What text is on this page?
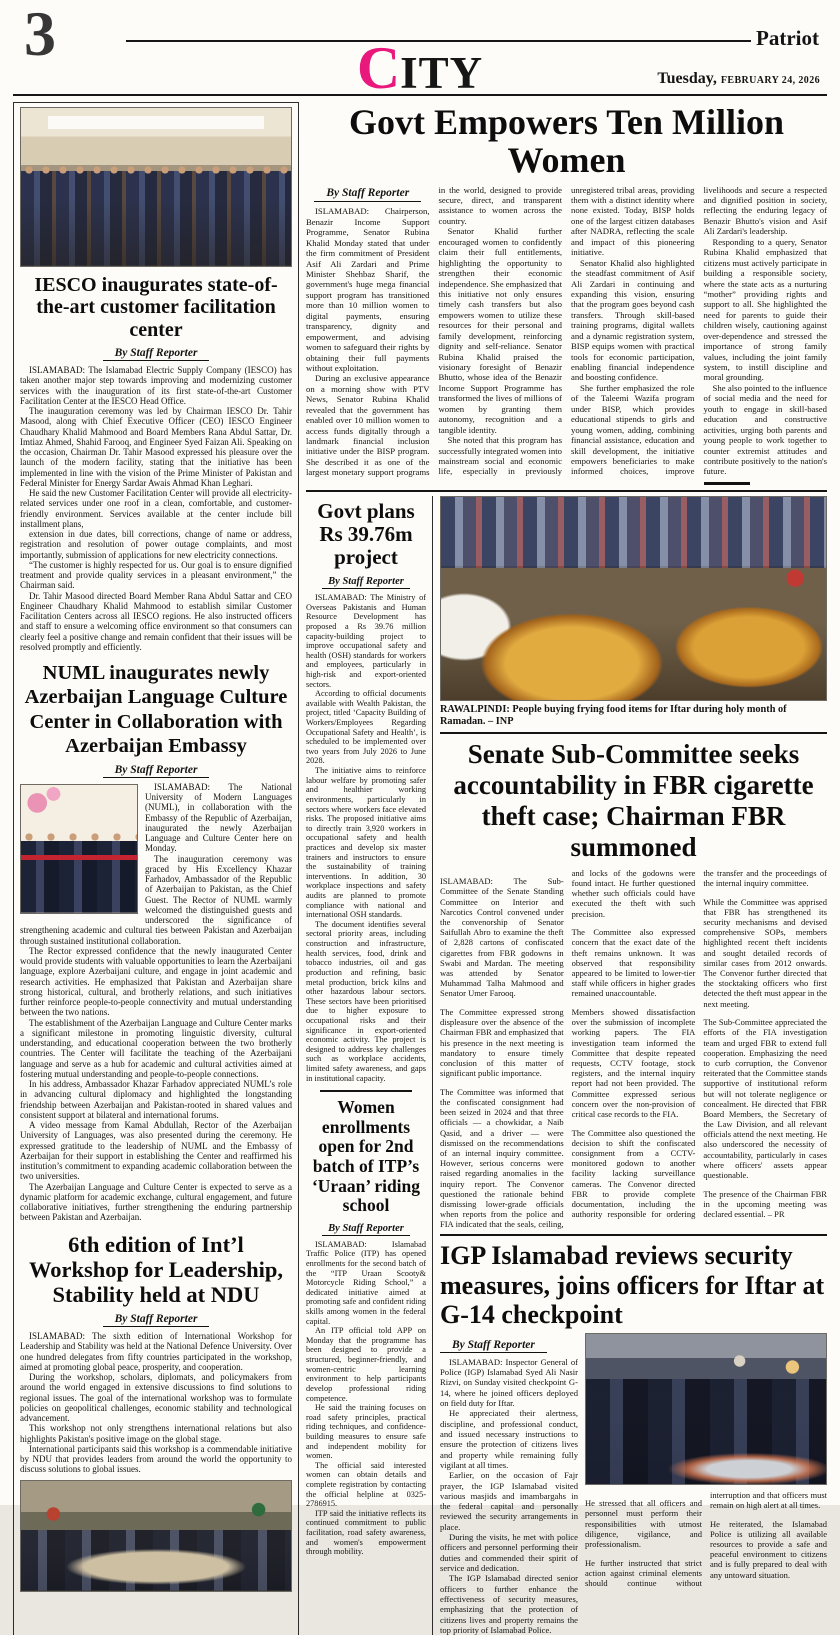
3	CITY
Patriot
Tuesday, FEBRUARY 24, 2026
IESCO inaugurates state-of-the-art customer facilitation center
By Staff Reporter

ISLAMABAD: The Islamabad Electric Supply Company (IESCO) has taken another major step towards improving and modernizing customer services with the inauguration of its first state-of-the-art Customer Facilitation Center at the IESCO Head Office.

The inauguration ceremony was led by Chairman IESCO Dr. Tahir Masood, along with Chief Executive Officer (CEO) IESCO Engineer Chaudhary Khalid Mahmood and Board Members Rana Abdul Sattar, Dr. Imtiaz Ahmed, Shahid Farooq, and Engineer Syed Faizan Ali. Speaking on the occasion, Chairman Dr. Tahir Masood expressed his pleasure over the launch of the modern facility, stating that the initiative has been implemented in line with the vision of the Prime Minister of Pakistan and Federal Minister for Energy Sardar Awais Ahmad Khan Leghari.

He said the new Customer Facilitation Center will provide all electricity-related services under one roof in a clean, comfortable, and customer-friendly environment. Services available at the center include bill installment plans,

extension in due dates, bill corrections, change of name or address, registration and resolution of power outage complaints, and most importantly, submission of applications for new electricity connections.

“The customer is highly respected for us. Our goal is to ensure dignified treatment and provide quality services in a pleasant environment,” the Chairman said.

Dr. Tahir Masood directed Board Member Rana Abdul Sattar and CEO Engineer Chaudhary Khalid Mahmood to establish similar Customer Facilitation Centers across all IESCO regions. He also instructed officers and staff to ensure a welcoming office environment so that consumers can clearly feel a positive change and remain confident that their issues will be resolved promptly and efficiently.

NUML inaugurates newly Azerbaijan Language Culture Center in Collaboration with Azerbaijan Embassy
By Staff Reporter

ISLAMABAD: The National University of Modern Languages (NUML), in collaboration with the Embassy of the Republic of Azerbaijan, inaugurated the newly Azerbaijan Language and Culture Center here on Monday.

The inauguration ceremony was graced by His Excellency Khazar Farhadov, Ambassador of the Republic of Azerbaijan to Pakistan, as the Chief Guest. The Rector of NUML warmly welcomed the distinguished guests and underscored the significance of strengthening academic and cultural ties between Pakistan and Azerbaijan through sustained institutional collaboration.

The Rector expressed confidence that the newly inaugurated Center would provide students with valuable opportunities to learn the Azerbaijani language, explore Azerbaijani culture, and engage in joint academic and research activities. He emphasized that Pakistan and Azerbaijan share strong historical, cultural, and brotherly relations, and such initiatives further reinforce people-to-people connectivity and mutual understanding between the two nations.

The establishment of the Azerbaijan Language and Culture Center marks a significant milestone in promoting linguistic diversity, cultural understanding, and educational cooperation between the two brotherly countries. The Center will facilitate the teaching of the Azerbaijani language and serve as a hub for academic and cultural activities aimed at fostering mutual understanding and people-to-people connections.

In his address, Ambassador Khazar Farhadov appreciated NUML’s role in advancing cultural diplomacy and highlighted the longstanding friendship between Azerbaijan and Pakistan-rooted in shared values and consistent support at bilateral and international forums.

A video message from Kamal Abdullah, Rector of the Azerbaijan University of Languages, was also presented during the ceremony. He expressed gratitude to the leadership of NUML and the Embassy of Azerbaijan for their support in establishing the Center and reaffirmed his institution’s commitment to expanding academic collaboration between the two universities.

The Azerbaijan Language and Culture Center is expected to serve as a dynamic platform for academic exchange, cultural engagement, and future collaborative initiatives, further strengthening the enduring partnership between Pakistan and Azerbaijan.

6th edition of Int’l Workshop for Leadership, Stability held at NDU
By Staff Reporter

ISLAMABAD: The sixth edition of International Workshop for Leadership and Stability was held at the National Defence University. Over one hundred delegates from fifty countries participated in the workshop, aimed at promoting global peace, prosperity, and cooperation.

During the workshop, scholars, diplomats, and policymakers from around the world engaged in extensive discussions to find solutions to regional issues. The goal of the international workshop was to formulate policies on geopolitical challenges, economic stability and technological advancement.

This workshop not only strengthens international relations but also highlights Pakistan's positive image on the global stage.

International participants said this workshop is a commendable initiative by NDU that provides leaders from around the world the opportunity to discuss solutions to global issues.

Govt Empowers Ten Million Women
By Staff Reporter

ISLAMABAD: Chairperson, Benazir Income Support Programme, Senator Rubina Khalid Monday stated that under the firm commitment of President Asif Ali Zardari and Prime Minister Shehbaz Sharif, the government's huge mega financial support program has transitioned more than 10 million women to digital payments, ensuring transparency, dignity and empowerment, and advising women to safeguard their rights by obtaining their full payments without exploitation.

During an exclusive appearance on a morning show with PTV News, Senator Rubina Khalid revealed that the government has enabled over 10 million women to access funds digitally through a landmark financial inclusion initiative under the BISP program. She described it as one of the largest monetary support programs in the world, designed to provide secure, direct, and transparent assistance to women across the country.

Senator Khalid further encouraged women to confidently claim their full entitlements, highlighting the opportunity to strengthen their economic independence. She emphasized that this initiative not only ensures timely cash transfers but also empowers women to utilize these resources for their personal and family development, reinforcing dignity and self-reliance. Senator Rubina Khalid praised the visionary foresight of Benazir Bhutto, whose idea of the Benazir Income Support Programme has transformed the lives of millions of women by granting them autonomy, recognition and a tangible identity.

She noted that this program has successfully integrated women into mainstream social and economic life, especially in previously unregistered tribal areas, providing them with a distinct identity where none existed. Today, BISP holds one of the largest citizen databases after NADRA, reflecting the scale and impact of this pioneering initiative.

Senator Khalid also highlighted the steadfast commitment of Asif Ali Zardari in continuing and expanding this vision, ensuring that the program goes beyond cash transfers. Through skill-based training programs, digital wallets and a dynamic registration system, BISP equips women with practical tools for economic participation, enabling financial independence and boosting confidence.

She further emphasized the role of the Taleemi Wazifa program under BISP, which provides educational stipends to girls and young women, adding, combining financial assistance, education and skill development, the initiative empowers beneficiaries to make informed choices, improve livelihoods and secure a respected and dignified position in society, reflecting the enduring legacy of Benazir Bhutto's vision and Asif Ali Zardari's leadership.

Responding to a query, Senator Rubina Khalid emphasized that citizens must actively participate in building a responsible society, where the state acts as a nurturing “mother” providing rights and support to all. She highlighted the need for parents to guide their children wisely, cautioning against over-dependence and stressed the importance of strong family values, including the joint family system, to instill discipline and moral grounding.

She also pointed to the influence of social media and the need for youth to engage in skill-based education and constructive activities, urging both parents and young people to work together to counter extremist attitudes and contribute positively to the nation's future.

Govt plans Rs 39.76m project
By Staff Reporter

ISLAMABAD: The Ministry of Overseas Pakistanis and Human Resource Development has proposed a Rs 39.76 million capacity-building project to improve occupational safety and health (OSH) standards for workers and employees, particularly in high-risk and export-oriented sectors.

According to official documents available with Wealth Pakistan, the project, titled ‘Capacity Building of Workers/Employees Regarding Occupational Safety and Health’, is scheduled to be implemented over two years from July 2026 to June 2028.

The initiative aims to reinforce labour welfare by promoting safer and healthier working environments, particularly in sectors where workers face elevated risks. The proposed initiative aims to directly train 3,920 workers in occupational safety and health practices and develop six master trainers and instructors to ensure the sustainability of training interventions. In addition, 30 workplace inspections and safety audits are planned to promote compliance with national and international OSH standards.

The document identifies several sectoral priority areas, including construction and infrastructure, health services, food, drink and tobacco industries, oil and gas production and refining, basic metal production, brick kilns and other hazardous labour sectors. These sectors have been prioritised due to higher exposure to occupational risks and their significance in export-oriented economic activity. The project is designed to address key challenges such as workplace accidents, limited safety awareness, and gaps in institutional capacity.

Women enrollments open for 2nd batch of ITP’s ‘Uraan’ riding school
By Staff Reporter

ISLAMABAD: Islamabad Traffic Police (ITP) has opened enrollments for the second batch of the “ITP Uraan Scooty& Motorcycle Riding School,” a dedicated initiative aimed at promoting safe and confident riding skills among women in the federal capital.

An ITP official told APP on Monday that the programme has been designed to provide a structured, beginner-friendly, and women-centric learning environment to help participants develop professional riding competence.

He said the training focuses on road safety principles, practical riding techniques, and confidence-building measures to ensure safe and independent mobility for women.

The official said interested women can obtain details and complete registration by contacting the official helpline at 0325-2786915.

ITP said the initiative reflects its continued commitment to public facilitation, road safety awareness, and women's empowerment through mobility.

RAWALPINDI: People buying frying food items for Iftar during holy month of Ramadan. – INP
Senate Sub-Committee seeks accountability in FBR cigarette theft case; Chairman FBR summoned

ISLAMABAD: The Sub-Committee of the Senate Standing Committee on Interior and Narcotics Control convened under the convenorship of Senator Saifullah Abro to examine the theft of 2,828 cartons of confiscated cigarettes from FBR godowns in Swabi and Mardan. The meeting was attended by Senator Muhammad Talha Mahmood and Senator Umer Farooq.

The Committee expressed strong displeasure over the absence of the Chairman FBR and emphasized that his presence in the next meeting is mandatory to ensure timely conclusion of this matter of significant public importance.

The Committee was informed that the confiscated consignment had been seized in 2024 and that three officials — a chowkidar, a Naib Qasid, and a driver — were dismissed on the recommendations of an internal inquiry committee. However, serious concerns were raised regarding anomalies in the inquiry report. The Convenor questioned the rationale behind dismissing lower-grade officials when reports from the police and FIA indicated that the seals, ceiling, and locks of the godowns were found intact. He further questioned whether such officials could have executed the theft with such precision.

The Committee also expressed concern that the exact date of the theft remains unknown. It was observed that responsibility appeared to be limited to lower-tier staff while officers in higher grades remained unaccountable.

Members showed dissatisfaction over the submission of incomplete working papers. The FIA investigation team informed the Committee that despite repeated requests, CCTV footage, stock registers, and the internal inquiry report had not been provided. The Committee expressed serious concern over the non-provision of critical case records to the FIA.

The Committee also questioned the decision to shift the confiscated consignment from a CCTV-monitored godown to another facility lacking surveillance cameras. The Convenor directed FBR to provide complete documentation, including the authority responsible for ordering the transfer and the proceedings of the internal inquiry committee.

While the Committee was apprised that FBR has strengthened its security mechanisms and devised comprehensive SOPs, members highlighted recent theft incidents and sought detailed records of similar cases from 2012 onwards. The Convenor further directed that the stocktaking officers who first detected the theft must appear in the next meeting.

The Sub-Committee appreciated the efforts of the FIA investigation team and urged FBR to extend full cooperation. Emphasizing the need to curb corruption, the Convenor reiterated that the Committee stands supportive of institutional reform but will not tolerate negligence or concealment. He directed that FBR Board Members, the Secretary of the Law Division, and all relevant officials attend the next meeting. He also underscored the necessity of accountability, particularly in cases where officers' assets appear questionable.

The presence of the Chairman FBR in the upcoming meeting was declared essential. – PR

IGP Islamabad reviews security measures, joins officers for Iftar at G-14 checkpoint
By Staff Reporter

ISLAMABAD: Inspector General of Police (IGP) Islamabad Syed Ali Nasir Rizvi, on Sunday visited checkpoint G-14, where he joined officers deployed on field duty for Iftar.

He appreciated their alertness, discipline, and professional conduct, and issued necessary instructions to ensure the protection of citizens lives and property while remaining fully vigilant at all times.

Earlier, on the occasion of Fajr prayer, the IGP Islamabad visited various masjids and imambargahs in the federal capital and personally reviewed the security arrangements in place.

During the visits, he met with police officers and personnel performing their duties and commended their spirit of service and dedication.

The IGP Islamabad directed senior officers to further enhance the effectiveness of security measures, emphasizing that the protection of citizens lives and property remains the top priority of Islamabad Police.

He stressed that all officers and personnel must perform their responsibilities with utmost diligence, vigilance, and professionalism.

He further instructed that strict action against criminal elements should continue without interruption and that officers must remain on high alert at all times.

He reiterated, the Islamabad Police is utilizing all available resources to provide a safe and peaceful environment to citizens and is fully prepared to deal with any untoward situation.
